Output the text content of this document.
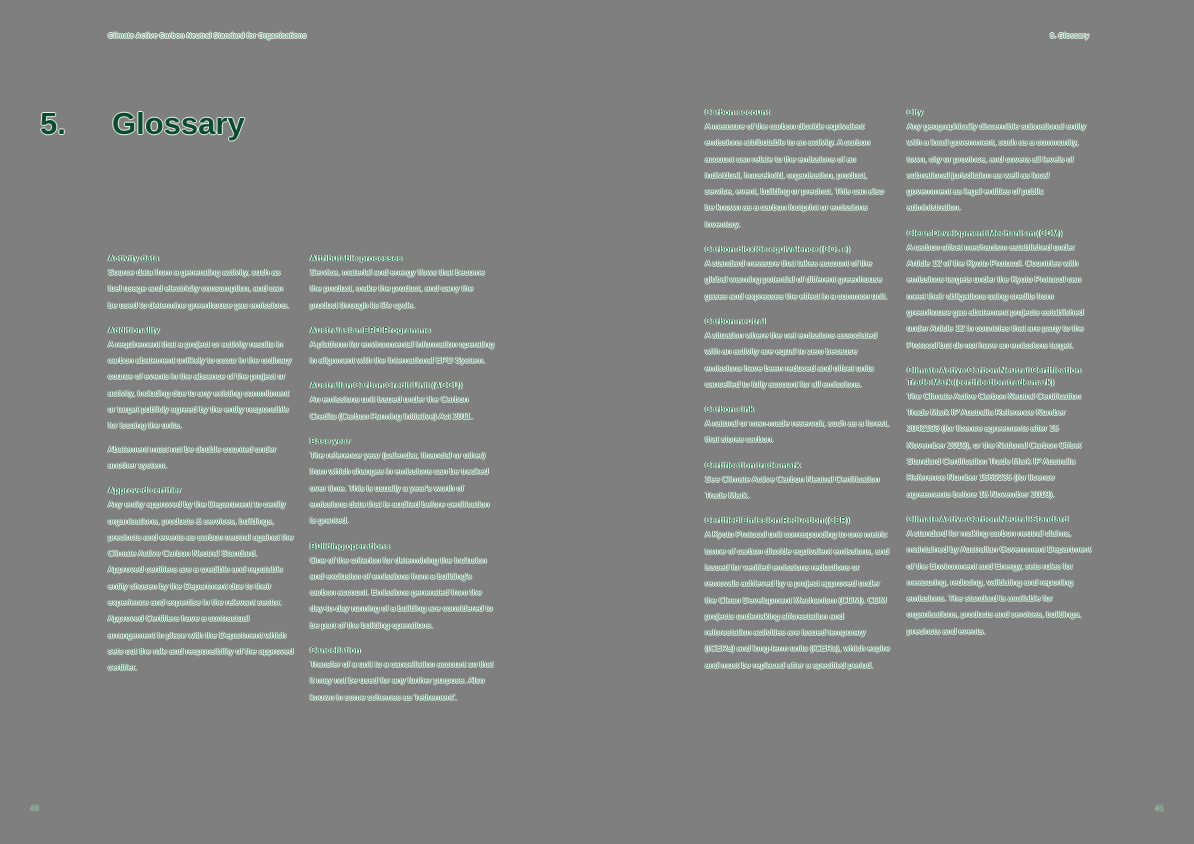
Climate Active Carbon Neutral Standard for Organisations	5. Glossary
5.	Glossary
Activity data

Source data from a generating activity, such as fuel usage and electricity consumption, and can be used to determine greenhouse gas emissions.

Additionality

A requirement that a project or activity results in carbon abatement unlikely to occur in the ordinary course of events in the absence of the project or activity, including due to any existing commitment or target publicly agreed by the entity responsible for issuing the units.

Abatement must not be double counted under another system.

Approved certifier

Any entity approved by the Department to certify organisations, products & services, buildings, precincts and events as carbon neutral against the Climate Active Carbon Neutral Standard. Approved certifiers are a credible and reputable entity chosen by the Department due to their experience and expertise in the relevant sector. Approved Certifiers have a contractual arrangement in place with the Department which sets out the role and responsibility of the approved certifier.

Attributable processes

Service, material and energy flows that become the product, make the product, and carry the product through its life cycle.

Australasian EPD Programme

A platform for environmental information operating in alignment with the International EPD System.

Australian Carbon Credit Unit (ACCU)

An emissions unit issued under the Carbon Credits (Carbon Farming Initiative) Act 2011.

Base year

The reference year (calendar, financial or other) from which changes in emissions can be tracked over time. This is usually a year's worth of emissions data that is audited before certification is granted.

Building operations

One of the criterion for determining the inclusion and exclusion of emissions from a building's carbon account. Emissions generated from the day-to-day running of a building are considered to be part of the building operations.

Cancellation

Transfer of a unit to a cancellation account so that it may not be used for any further purpose. Also known in some schemes as 'retirement'.

Carbon account

A measure of the carbon dioxide equivalent emissions attributable to an activity. A carbon account can relate to the emissions of an individual, household, organisation, product, service, event, building or precinct. This can also be known as a carbon footprint or emissions inventory.

Carbon dioxide equivalence (CO₂-e)

A standard measure that takes account of the global warming potential of different greenhouse gases and expresses the effect in a common unit.

Carbon neutral

A situation where the net emissions associated with an activity are equal to zero because emissions have been reduced and offset units cancelled to fully account for all emissions.

Carbon sink

A natural or man-made reservoir, such as a forest, that stores carbon.

Certification trade mark

See Climate Active Carbon Neutral Certification Trade Mark.

Certified Emission Reduction (CER)

A Kyoto Protocol unit corresponding to one metric tonne of carbon dioxide equivalent emissions, and issued for verified emissions reductions or removals achieved by a project approved under the Clean Development Mechanism (CDM). CDM projects undertaking afforestation and reforestation activities are issued temporary (tCERs) and long-term units (lCERs), which expire and must be replaced after a specified period.

City

Any geographically discernible subnational entity with a local government, such as a community, town, city or province, and covers all levels of subnational jurisdiction as well as local government as legal entities of public administration.

Clean Development Mechanism (CDM)

A carbon offset mechanism established under Article 12 of the Kyoto Protocol. Countries with emissions targets under the Kyoto Protocol can meet their obligations using credits from greenhouse gas abatement projects established under Article 12 in countries that are party to the Protocol but do not have an emissions target.

Climate Active Carbon Neutral Certification Trade Mark (certification trade mark)

The Climate Active Carbon Neutral Certification Trade Mark IP Australia Reference Number 2042193 (for licence agreements after 15 November 2019), or the National Carbon Offset Standard Certification Trade Mark IP Australia Reference Number 1569235 (for licence agreements before 15 November 2019).

Climate Active Carbon Neutral Standard

A standard for making carbon neutral claims, maintained by Australian Government Department of the Environment and Energy, sets rules for measuring, reducing, validating and reporting emissions. The standard is available for organisations, products and services, buildings, precincts and events.

40	41
